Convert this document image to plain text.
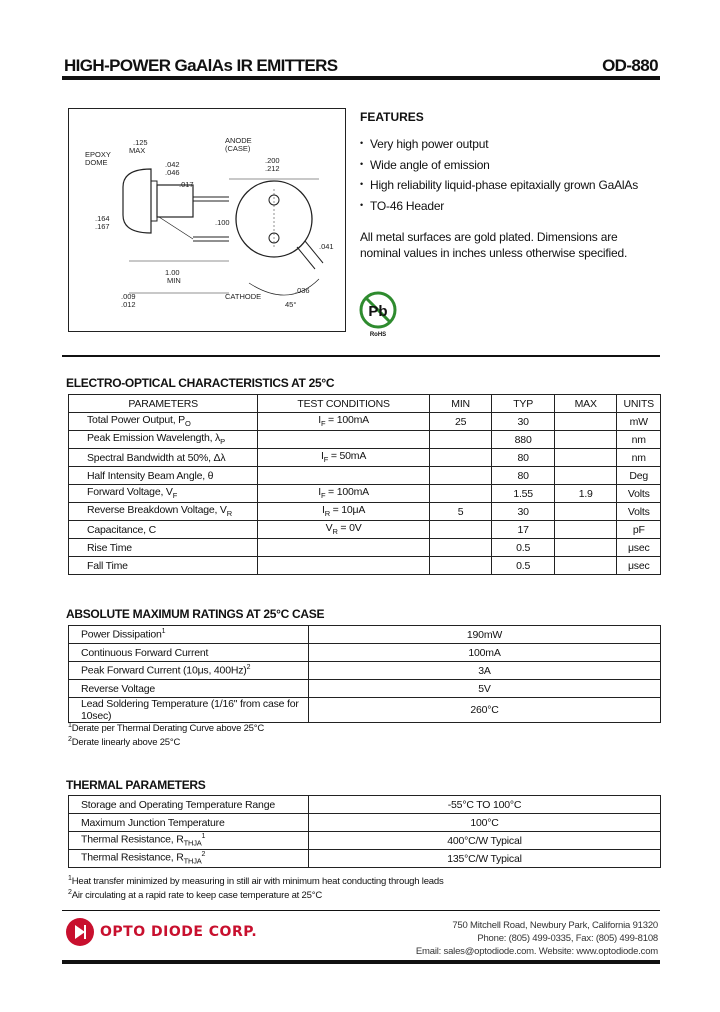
HIGH-POWER GaAlAs IR EMITTERS	OD-880
EPOXY
DOME
.125
MAX
.042
.046
.017
.164
.167
1.00
MIN
.009
.012
ANODE
(CASE)
.200
.212
.100
.041
.036
CATHODE
45°	Pb
RoHS
FEATURES
• Very high power output
• Wide angle of emission
• High reliability liquid-phase epitaxially grown GaAlAs
• TO-46 Header
All metal surfaces are gold plated. Dimensions are nominal values in inches unless otherwise specified.
ELECTRO-OPTICAL CHARACTERISTICS AT 25°C
PARAMETERS	TEST CONDITIONS	MIN	TYP	MAX	UNITS
Total Power Output, $P_O$	$I_F = 100mA$	25	30		mW
Peak Emission Wavelength, $\lambda_P$			880		nm
Spectral Bandwidth at 50%, Δλ	$I_F = 50mA$		80		nm
Half Intensity Beam Angle, θ			80		Deg
Forward Voltage, $V_F$	$I_F = 100mA$		1.55	1.9	Volts
Reverse Breakdown Voltage, $V_R$	$I_R = 10\mu A$	5	30		Volts
Capacitance, C	$V_R = 0V$		17		pF
Rise Time			0.5		μsec
Fall Time			0.5		μsec
ABSOLUTE MAXIMUM RATINGS AT 25°C CASE
Power Dissipation$^1$	190mW
Continuous Forward Current	100mA
Peak Forward Current (10μs, 400Hz)$^2$	3A
Reverse Voltage	5V
Lead Soldering Temperature (1/16" from case for 10sec)	260°C
$^1$Derate per Thermal Derating Curve above 25°C
$^2$Derate linearly above 25°C
THERMAL PARAMETERS
Storage and Operating Temperature Range	-55°C TO 100°C
Maximum Junction Temperature	100°C
Thermal Resistance, $R_{THJA}^1$	400°C/W Typical
Thermal Resistance, $R_{THJA}^2$	135°C/W Typical
$^1$Heat transfer minimized by measuring in still air with minimum heat conducting through leads
$^2$Air circulating at a rapid rate to keep case temperature at 25°C
OPTO DIODE CORP.	750 Mitchell Road, Newbury Park, California 91320
Phone: (805) 499-0335, Fax: (805) 499-8108
Email: sales@optodiode.com. Website: www.optodiode.com
